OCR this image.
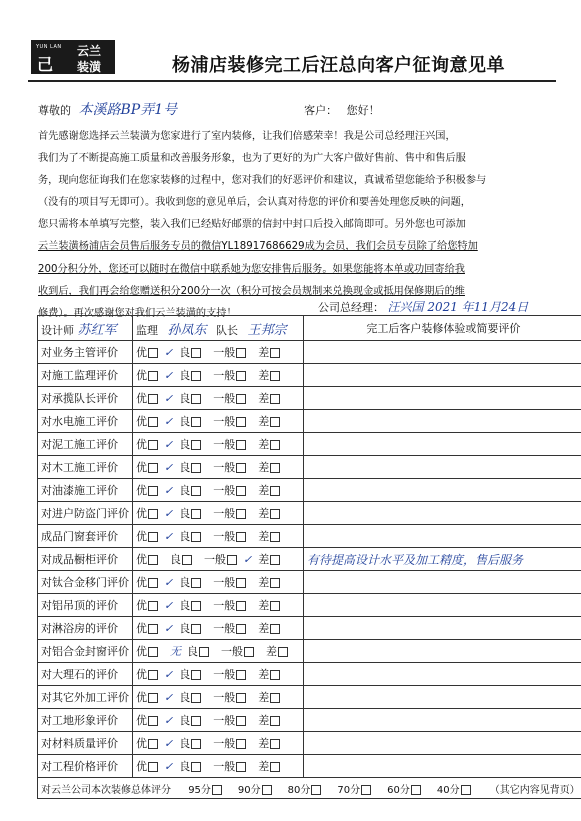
YUN LAN
己
云兰
装潢	杨浦店装修完工后汪总向客户征询意见单
尊敬的 本溪路BP弄1号	客户： 您好！

首先感谢您选择云兰装潢为您家进行了室内装修，让我们倍感荣幸！我是公司总经理汪兴国，

我们为了不断提高施工质量和改善服务形象，也为了更好的为广大客户做好售前、售中和售后服

务，现向您征询我们在您家装修的过程中，您对我们的好恶评价和建议，真诚希望您能给予积极参与

（没有的项目写无即可）。我收到您的意见单后，会认真对待您的评价和要善处理您反映的问题，

您只需将本单填写完整，装入我们已经贴好邮票的信封中封口后投入邮筒即可。另外您也可添加

云兰装潢杨浦店会员售后服务专员的微信YL18917686629成为会员，我们会员专员除了给您特加

200分积分外，您还可以随时在微信中联系她为您安排售后服务。如果您能将本单或功回寄给我

收到后，我们再会给您赠送积分200分一次（积分可按会员规制来兑换现金或抵用保修期后的维

修费）。再次感谢您对我们云兰装潢的支持！	公司总经理： 汪兴国 2021 年11月24日
设计师 苏红军	监理 孙凤东 队长 王邦宗	完工后客户装修体验或简要评价
对业务主管评价	优 ✓ 良 一般 差	
对施工监理评价	优 ✓ 良 一般 差	
对承揽队长评价	优 ✓ 良 一般 差	
对水电施工评价	优 ✓ 良 一般 差	
对泥工施工评价	优 ✓ 良 一般 差	
对木工施工评价	优 ✓ 良 一般 差	
对油漆施工评价	优 ✓ 良 一般 差	
对进户防盗门评价	优 ✓ 良 一般 差	
成品门窗套评价	优 ✓ 良 一般 差	
对成品橱柜评价	优 良 一般 ✓ 差	有待提高设计水平及加工精度，售后服务
对钛合金移门评价	优 ✓ 良 一般 差	
对铝吊顶的评价	优 ✓ 良 一般 差	
对淋浴房的评价	优 ✓ 良 一般 差	
对铝合金封窗评价	优 无 良 一般 差	
对大理石的评价	优 ✓ 良 一般 差	
对其它外加工评价	优 ✓ 良 一般 差	
对工地形象评价	优 ✓ 良 一般 差	
对材料质量评价	优 ✓ 良 一般 差	
对工程价格评价	优 ✓ 良 一般 差	
对云兰公司本次装修总体评分 95分 90分 80分 70分 60分 40分 （其它内容见背页）		
